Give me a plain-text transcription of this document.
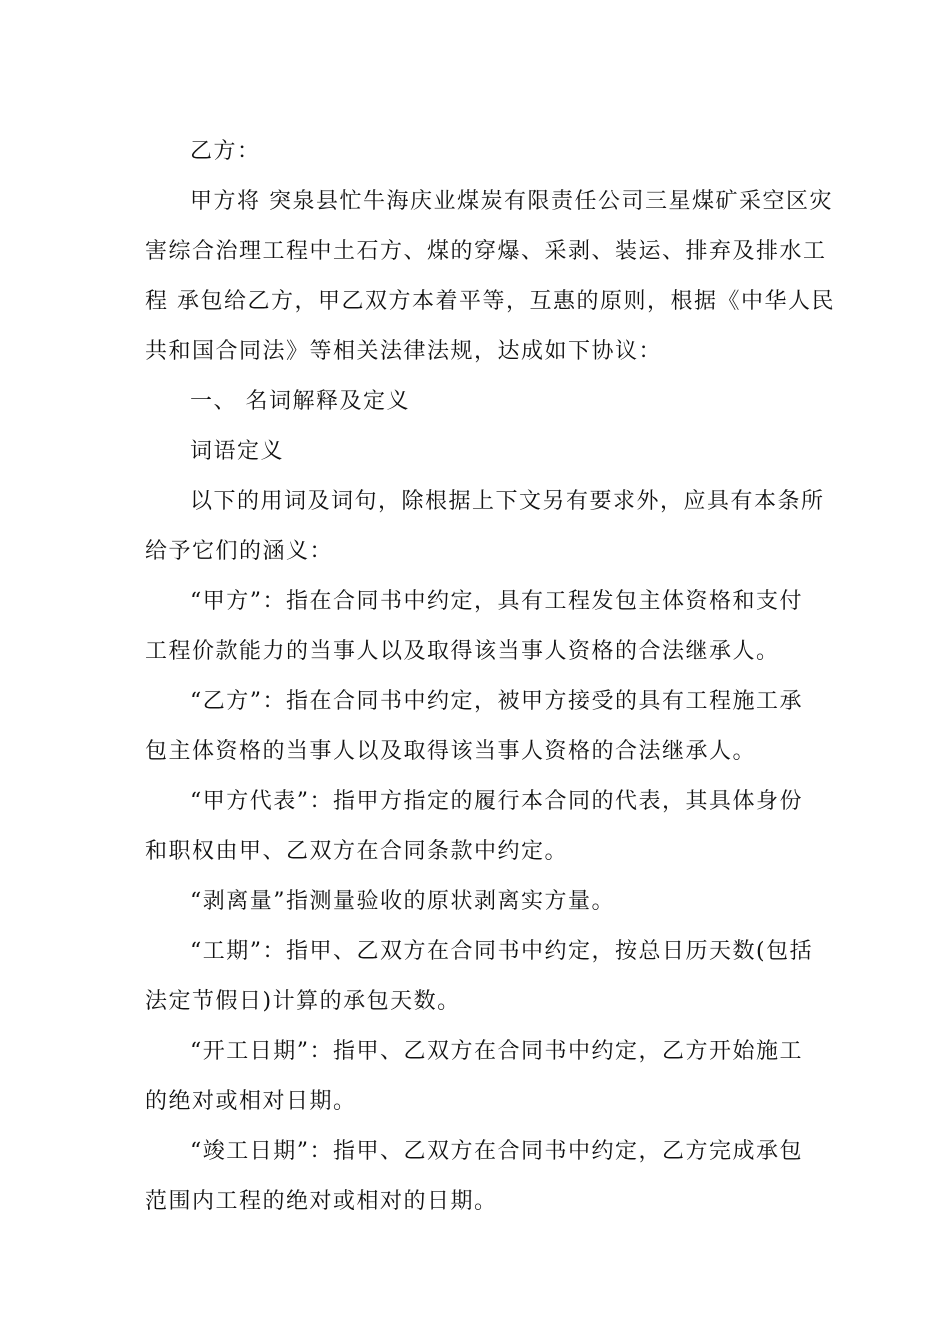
乙方：
甲方将 突泉县忙牛海庆业煤炭有限责任公司三星煤矿采空区灾
害综合治理工程中土石方、煤的穿爆、采剥、装运、排弃及排水工
程 承包给乙方，甲乙双方本着平等，互惠的原则，根据《中华人民
共和国合同法》等相关法律法规，达成如下协议：
一、 名词解释及定义
词语定义
以下的用词及词句，除根据上下文另有要求外，应具有本条所
给予它们的涵义：
“甲方”：指在合同书中约定，具有工程发包主体资格和支付
工程价款能力的当事人以及取得该当事人资格的合法继承人。
“乙方”：指在合同书中约定，被甲方接受的具有工程施工承
包主体资格的当事人以及取得该当事人资格的合法继承人。
“甲方代表”：指甲方指定的履行本合同的代表，其具体身份
和职权由甲、乙双方在合同条款中约定。
“剥离量”指测量验收的原状剥离实方量。
“工期”：指甲、乙双方在合同书中约定，按总日历天数(包括
法定节假日)计算的承包天数。
“开工日期”：指甲、乙双方在合同书中约定，乙方开始施工
的绝对或相对日期。
“竣工日期”：指甲、乙双方在合同书中约定，乙方完成承包
范围内工程的绝对或相对的日期。
